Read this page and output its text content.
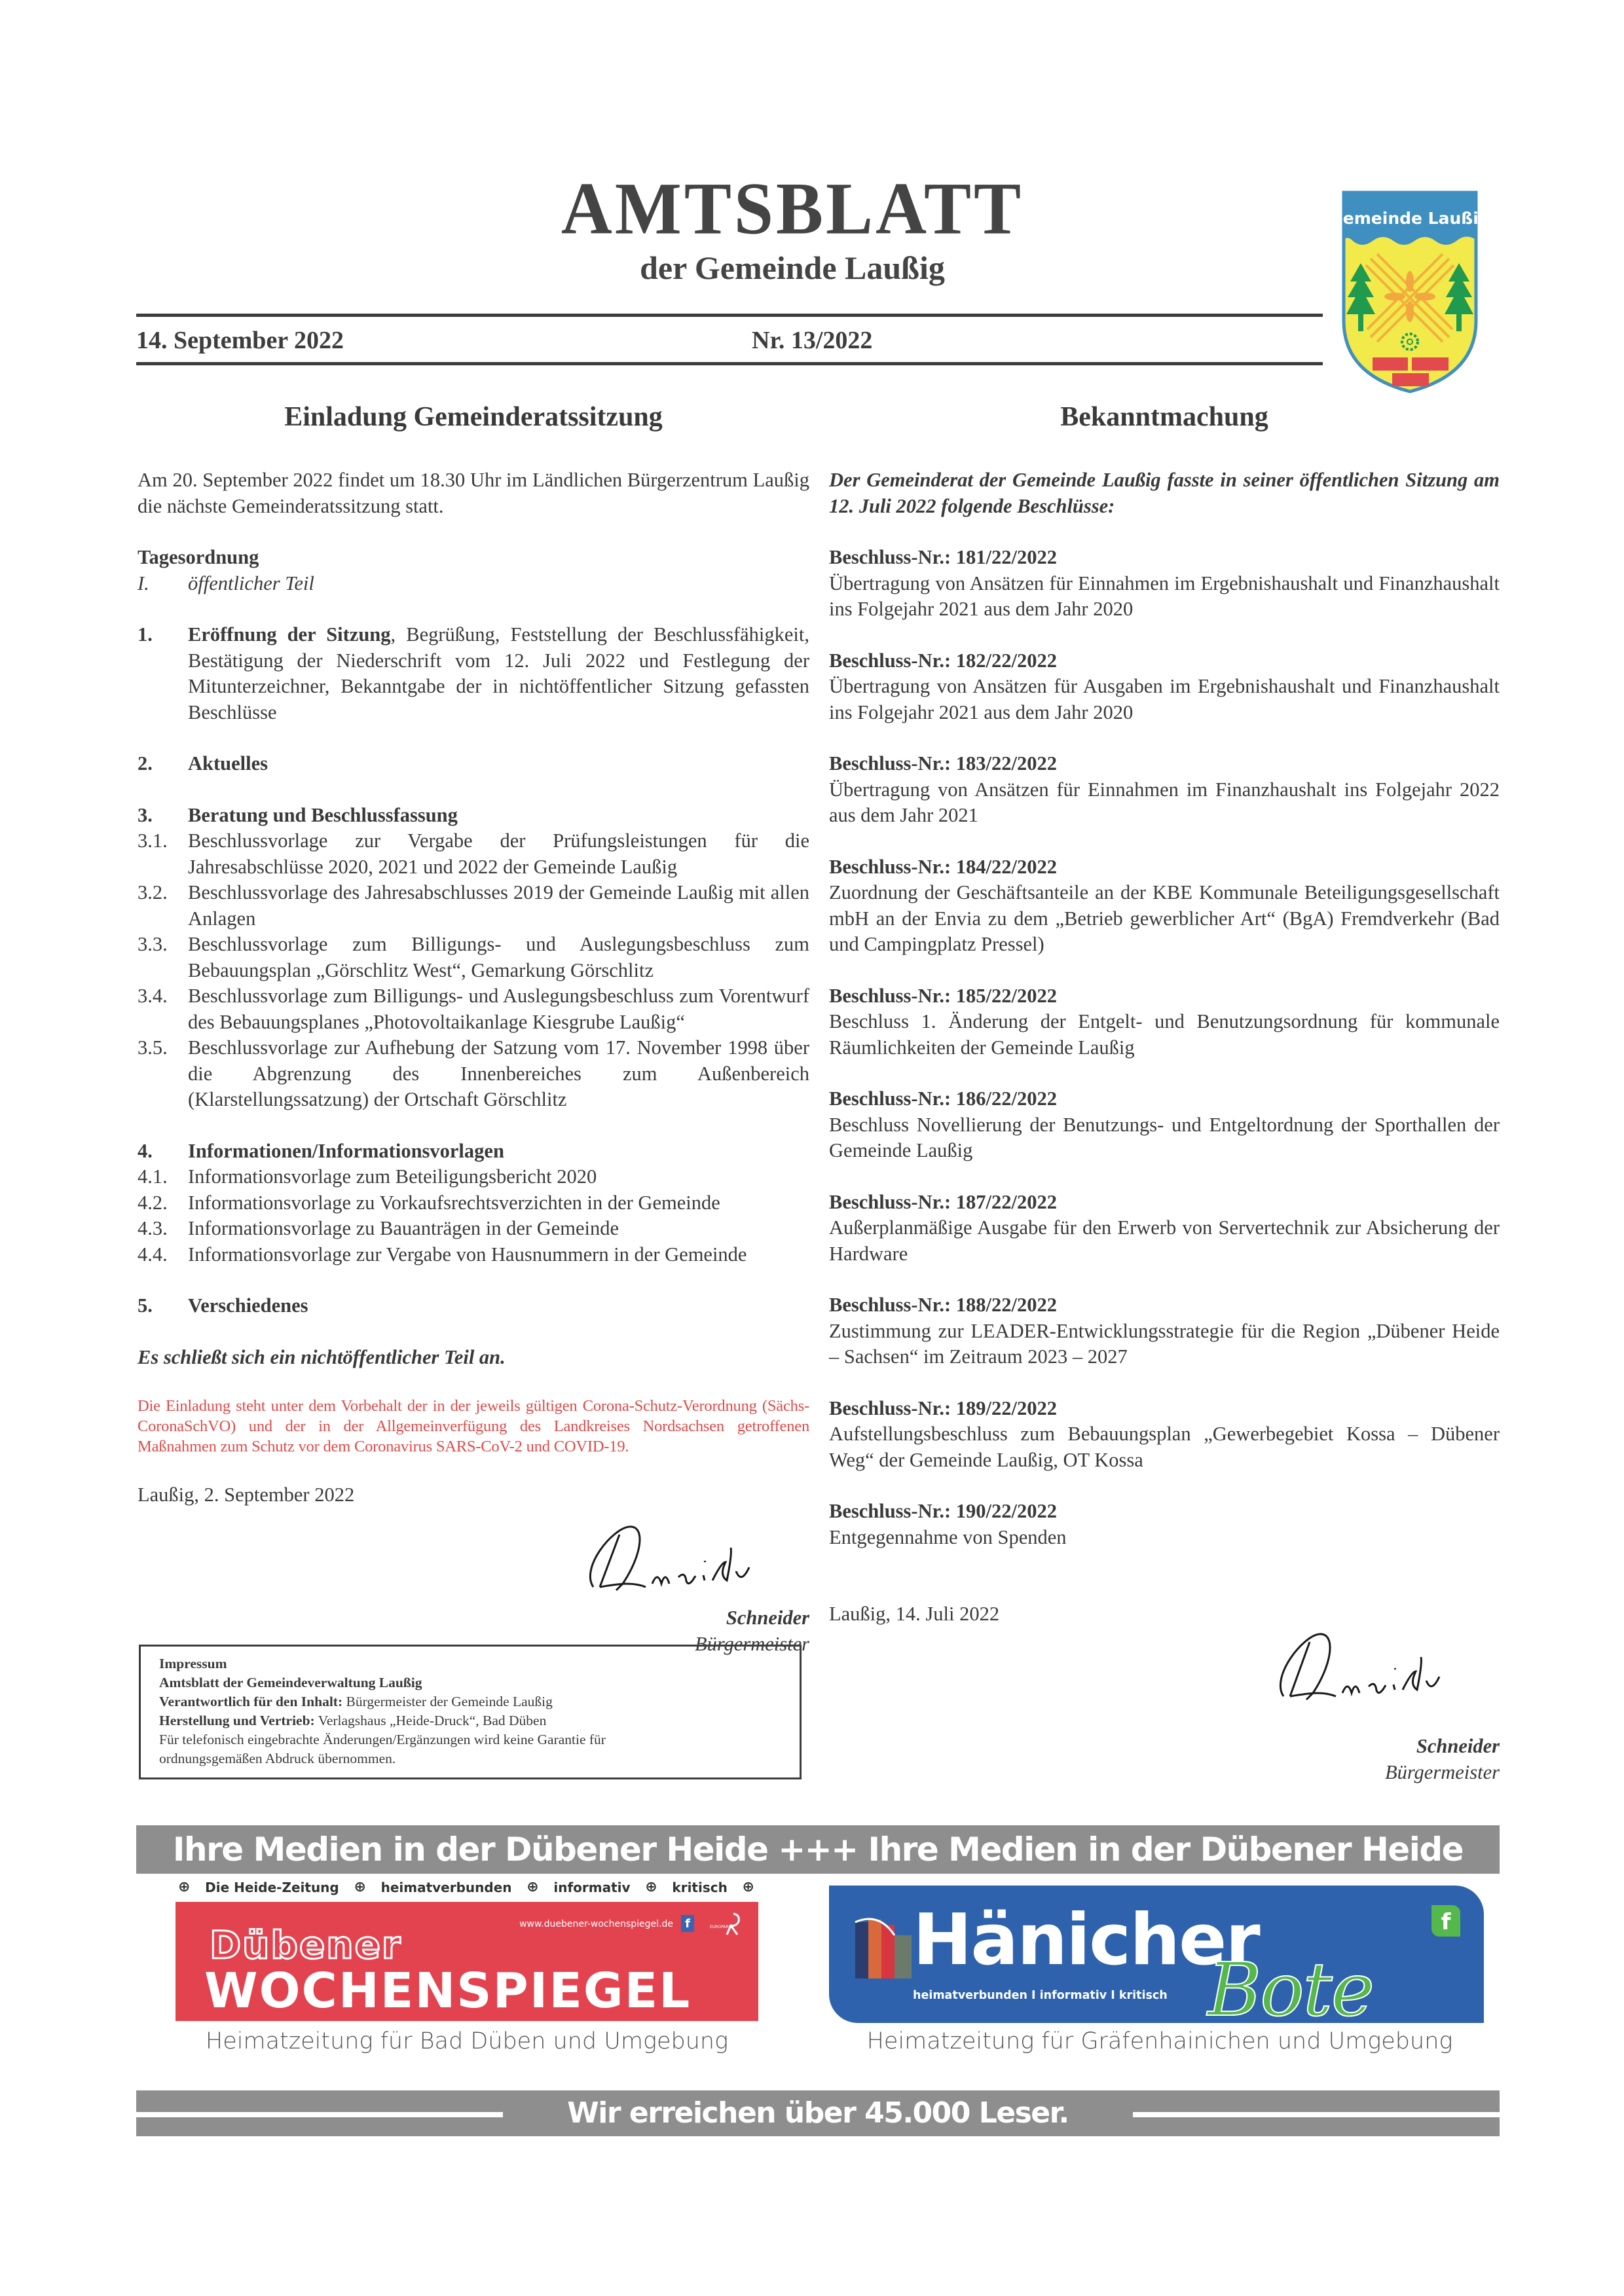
AMTSBLATT
der Gemeinde Laußig
14. September 2022	Nr. 13/2022
Gemeinde Laußig
Einladung Gemeinderatssitzung

Am 20. September 2022 findet um 18.30 Uhr im Ländlichen Bürgerzentrum Laußig die nächste Gemeinderatssitzung statt.

Tagesordnung
I.	öffentlicher Teil
1.	Eröffnung der Sitzung, Begrüßung, Feststellung der Beschlussfähigkeit, Bestätigung der Niederschrift vom 12. Juli 2022 und Festlegung der Mitunterzeichner, Bekanntgabe der in nichtöffentlicher Sitzung gefassten Beschlüsse
2.	Aktuelles
3.	Beratung und Beschlussfassung
3.1.	Beschlussvorlage zur Vergabe der Prüfungsleistungen für die Jahresabschlüsse 2020, 2021 und 2022 der Gemeinde Laußig
3.2.	Beschlussvorlage des Jahresabschlusses 2019 der Gemeinde Laußig mit allen Anlagen
3.3.	Beschlussvorlage zum Billigungs- und Auslegungsbeschluss zum Bebauungsplan „Görschlitz West“, Gemarkung Görschlitz
3.4.	Beschlussvorlage zum Billigungs- und Auslegungsbeschluss zum Vorentwurf des Bebauungsplanes „Photovoltaikanlage Kiesgrube Laußig“
3.5.	Beschlussvorlage zur Aufhebung der Satzung vom 17. November 1998 über die Abgrenzung des Innenbereiches zum Außenbereich (Klarstellungssatzung) der Ortschaft Görschlitz
4.	Informationen/Informationsvorlagen
4.1.	Informationsvorlage zum Beteiligungsbericht 2020
4.2.	Informationsvorlage zu Vorkaufsrechtsverzichten in der Gemeinde
4.3.	Informationsvorlage zu Bauanträgen in der Gemeinde
4.4.	Informationsvorlage zur Vergabe von Hausnummern in der Gemeinde
5.	Verschiedenes
Es schließt sich ein nichtöffentlicher Teil an.

Die Einladung steht unter dem Vorbehalt der in der jeweils gültigen Corona-Schutz-Verordnung (Sächs-CoronaSchVO) und der in der Allgemeinverfügung des Landkreises Nordsachsen getroffenen Maßnahmen zum Schutz vor dem Coronavirus SARS-CoV-2 und COVID-19.

Laußig, 2. September 2022
Schneider
Bürgermeister
Bekanntmachung

Der Gemeinderat der Gemeinde Laußig fasste in seiner öffentlichen Sitzung am 12. Juli 2022 folgende Beschlüsse:

Beschluss-Nr.: 181/22/2022

Übertragung von Ansätzen für Einnahmen im Ergebnishaushalt und Finanzhaushalt ins Folgejahr 2021 aus dem Jahr 2020

Beschluss-Nr.: 182/22/2022

Übertragung von Ansätzen für Ausgaben im Ergebnishaushalt und Finanzhaushalt ins Folgejahr 2021 aus dem Jahr 2020

Beschluss-Nr.: 183/22/2022

Übertragung von Ansätzen für Einnahmen im Finanzhaushalt ins Folgejahr 2022 aus dem Jahr 2021

Beschluss-Nr.: 184/22/2022

Zuordnung der Geschäftsanteile an der KBE Kommunale Beteiligungsgesellschaft mbH an der Envia zu dem „Betrieb gewerblicher Art“ (BgA) Fremdverkehr (Bad und Campingplatz Pressel)

Beschluss-Nr.: 185/22/2022

Beschluss 1. Änderung der Entgelt- und Benutzungsordnung für kommunale Räumlichkeiten der Gemeinde Laußig

Beschluss-Nr.: 186/22/2022

Beschluss Novellierung der Benutzungs- und Entgeltordnung der Sporthallen der Gemeinde Laußig

Beschluss-Nr.: 187/22/2022

Außerplanmäßige Ausgabe für den Erwerb von Servertechnik zur Absicherung der Hardware

Beschluss-Nr.: 188/22/2022

Zustimmung zur LEADER-Entwicklungsstrategie für die Region „Dübener Heide – Sachsen“ im Zeitraum 2023 – 2027

Beschluss-Nr.: 189/22/2022

Aufstellungsbeschluss zum Bebauungsplan „Gewerbegebiet Kossa – Dübener Weg“ der Gemeinde Laußig, OT Kossa

Beschluss-Nr.: 190/22/2022

Entgegennahme von Spenden

Laußig, 14. Juli 2022
Schneider
Bürgermeister
Impressum
Amtsblatt der Gemeindeverwaltung Laußig
Verantwortlich für den Inhalt: Bürgermeister der Gemeinde Laußig
Herstellung und Vertrieb: Verlagshaus „Heide-Druck“, Bad Düben
Für telefonisch eingebrachte Änderungen/Ergänzungen wird keine Garantie für
ordnungsgemäßen Abdruck übernommen.
Ihre Medien in der Dübener Heide +++ Ihre Medien in der Dübener Heide
⊕ Die Heide-Zeitung ⊕ heimatverbunden ⊕ informativ ⊕ kritisch ⊕
www.duebener-wochenspiegel.de	f	EUROPARK
Dübener
WOCHENSPIEGEL
Heimatzeitung für Bad Düben und Umgebung
Hänicher
heimatverbunden I informativ I kritisch Bote
f
Heimatzeitung für Gräfenhainichen und Umgebung
Wir erreichen über 45.000 Leser.
